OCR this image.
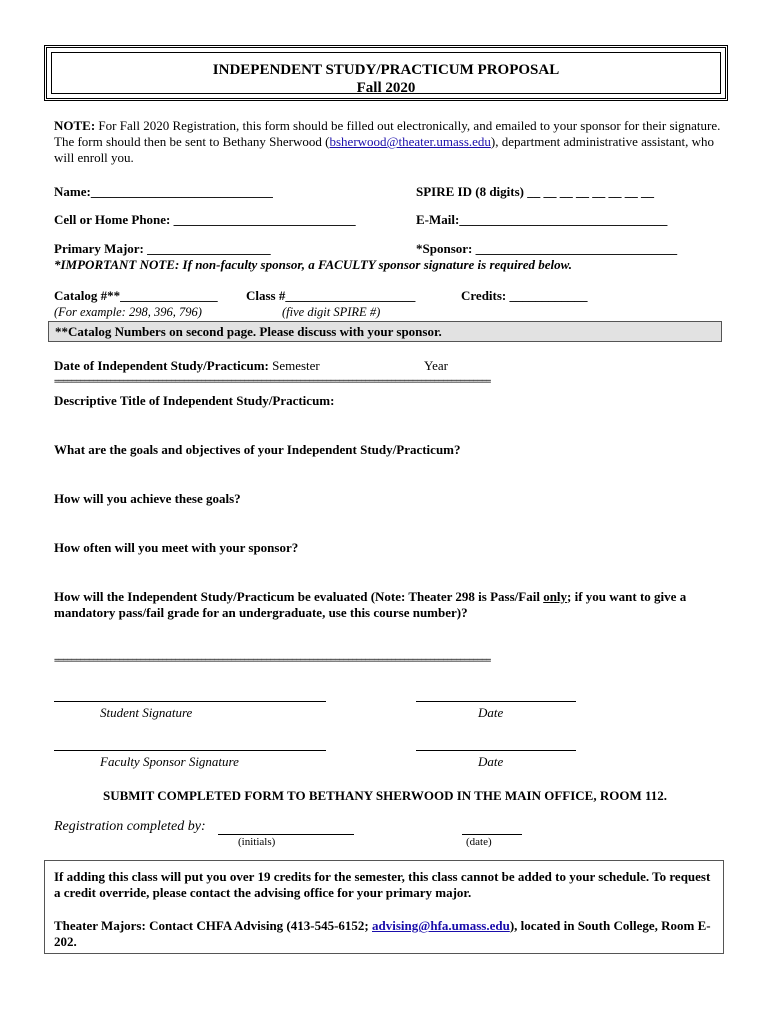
INDEPENDENT STUDY/PRACTICUM PROPOSAL
Fall 2020
NOTE: For Fall 2020 Registration, this form should be filled out electronically, and emailed to your sponsor for their signature. The form should then be sent to Bethany Sherwood (bsherwood@theater.umass.edu), department administrative assistant, who will enroll you.
Name:____________________________	SPIRE ID (8 digits) __ __ __ __ __ __ __ __
Cell or Home Phone: ____________________________	E-Mail:________________________________
Primary Major: ___________________	*Sponsor: _______________________________
*IMPORTANT NOTE: If non-faculty sponsor, a FACULTY sponsor signature is required below.
Catalog #**_______________ Class #____________________	Credits: ____________
(For example: 298, 396, 796)	(five digit SPIRE #)
**Catalog Numbers on second page. Please discuss with your sponsor.
Date of Independent Study/Practicum: Semester	Year
=====================================================================================================
Descriptive Title of Independent Study/Practicum:
What are the goals and objectives of your Independent Study/Practicum?
How will you achieve these goals?
How often will you meet with your sponsor?
How will the Independent Study/Practicum be evaluated (Note: Theater 298 is Pass/Fail only; if you want to give a mandatory pass/fail grade for an undergraduate, use this course number)?
=====================================================================================================
Student Signature	Date
Faculty Sponsor Signature	Date
SUBMIT COMPLETED FORM TO BETHANY SHERWOOD IN THE MAIN OFFICE, ROOM 112.
Registration completed by:
(initials)	(date)
If adding this class will put you over 19 credits for the semester, this class cannot be added to your schedule. To request a credit override, please contact the advising office for your primary major.
Theater Majors: Contact CHFA Advising (413-545-6152; advising@hfa.umass.edu), located in South College, Room E-202.
